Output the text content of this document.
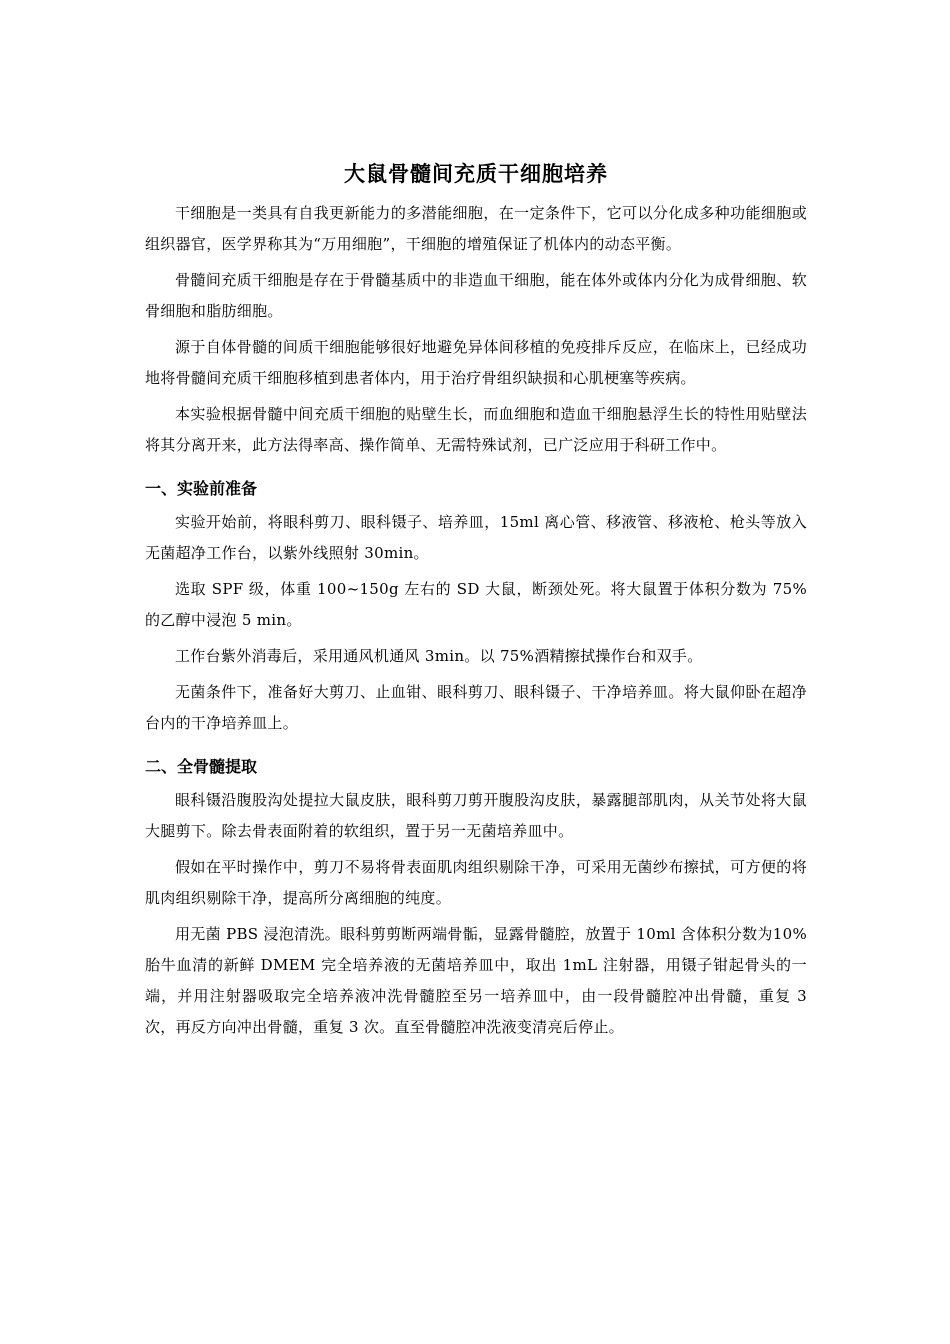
大鼠骨髓间充质干细胞培养

干细胞是一类具有自我更新能力的多潜能细胞，在一定条件下，它可以分化成多种功能细胞或组织器官，医学界称其为“万用细胞”，干细胞的增殖保证了机体内的动态平衡。

骨髓间充质干细胞是存在于骨髓基质中的非造血干细胞，能在体外或体内分化为成骨细胞、软骨细胞和脂肪细胞。

源于自体骨髓的间质干细胞能够很好地避免异体间移植的免疫排斥反应，在临床上，已经成功地将骨髓间充质干细胞移植到患者体内，用于治疗骨组织缺损和心肌梗塞等疾病。

本实验根据骨髓中间充质干细胞的贴壁生长，而血细胞和造血干细胞悬浮生长的特性用贴壁法将其分离开来，此方法得率高、操作简单、无需特殊试剂，已广泛应用于科研工作中。

一、实验前准备

实验开始前，将眼科剪刀、眼科镊子、培养皿，15ml 离心管、移液管、移液枪、枪头等放入无菌超净工作台，以紫外线照射 30min。

选取 SPF 级，体重 100~150g 左右的 SD 大鼠，断颈处死。将大鼠置于体积分数为 75%的乙醇中浸泡 5 min。

工作台紫外消毒后，采用通风机通风 3min。以 75%酒精擦拭操作台和双手。

无菌条件下，准备好大剪刀、止血钳、眼科剪刀、眼科镊子、干净培养皿。将大鼠仰卧在超净台内的干净培养皿上。

二、全骨髓提取

眼科镊沿腹股沟处提拉大鼠皮肤，眼科剪刀剪开腹股沟皮肤，暴露腿部肌肉，从关节处将大鼠大腿剪下。除去骨表面附着的软组织，置于另一无菌培养皿中。

假如在平时操作中，剪刀不易将骨表面肌肉组织剔除干净，可采用无菌纱布擦拭，可方便的将肌肉组织剔除干净，提高所分离细胞的纯度。

用无菌 PBS 浸泡清洗。眼科剪剪断两端骨骺，显露骨髓腔，放置于 10ml 含体积分数为10%胎牛血清的新鲜 DMEM 完全培养液的无菌培养皿中，取出 1mL 注射器，用镊子钳起骨头的一端，并用注射器吸取完全培养液冲洗骨髓腔至另一培养皿中，由一段骨髓腔冲出骨髓，重复 3 次，再反方向冲出骨髓，重复 3 次。直至骨髓腔冲洗液变清亮后停止。
